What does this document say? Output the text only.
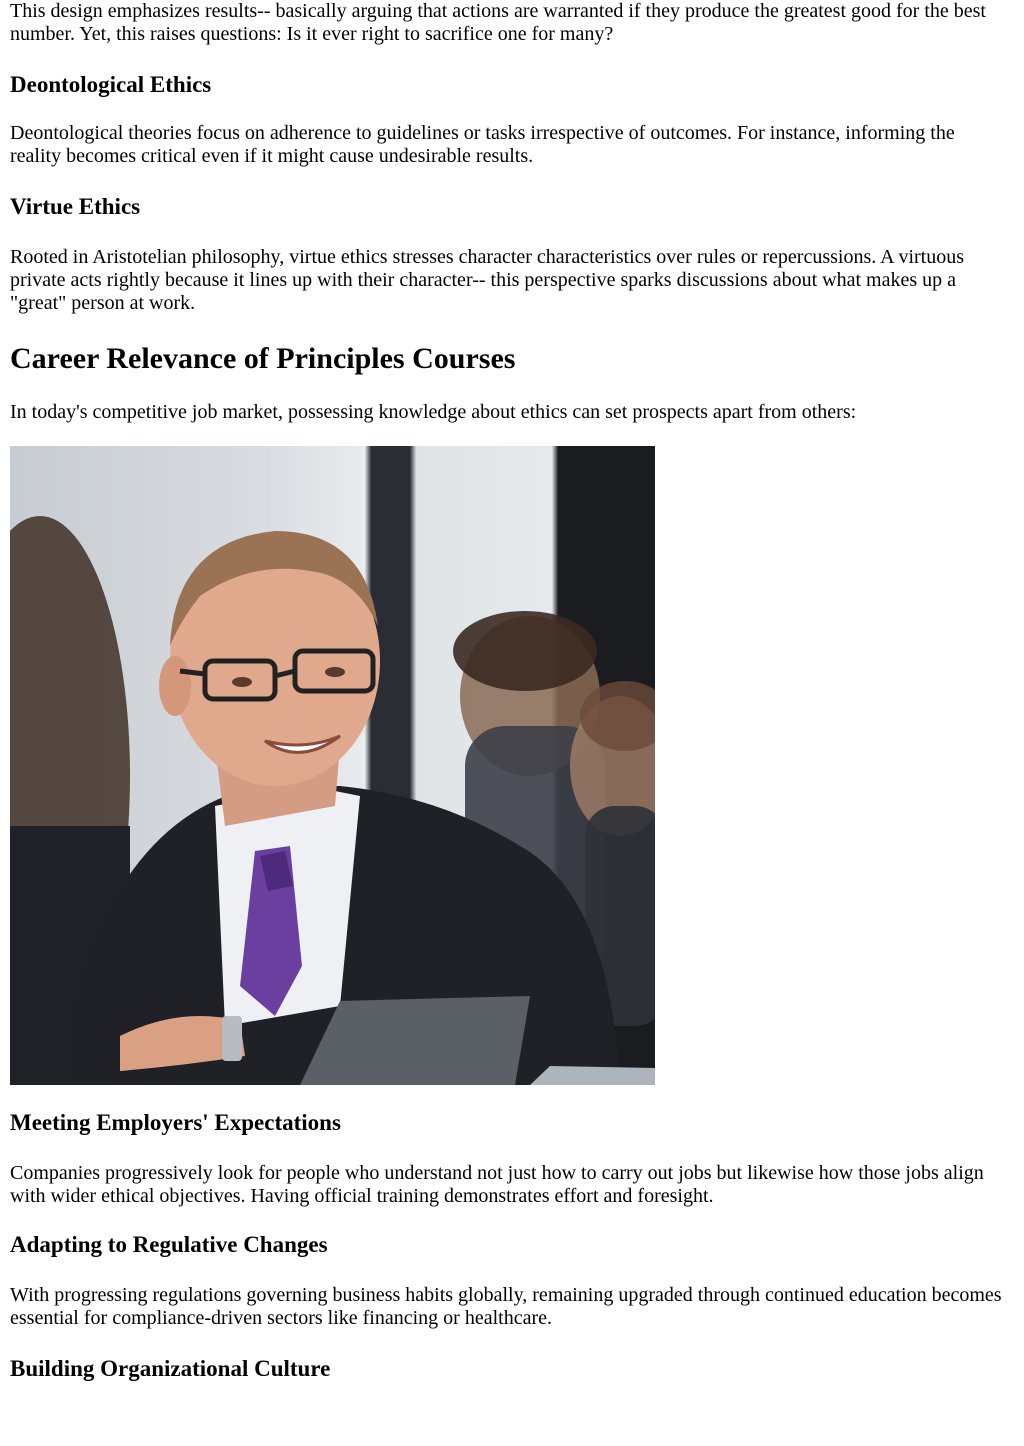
This design emphasizes results-- basically arguing that actions are warranted if they produce the greatest good for the best number. Yet, this raises questions: Is it ever right to sacrifice one for many?

Deontological Ethics

Deontological theories focus on adherence to guidelines or tasks irrespective of outcomes. For instance, informing the reality becomes critical even if it might cause undesirable results.

Virtue Ethics

Rooted in Aristotelian philosophy, virtue ethics stresses character characteristics over rules or repercussions. A virtuous private acts rightly because it lines up with their character-- this perspective sparks discussions about what makes up a "great" person at work.

Career Relevance of Principles Courses

In today's competitive job market, possessing knowledge about ethics can set prospects apart from others:

Meeting Employers' Expectations

Companies progressively look for people who understand not just how to carry out jobs but likewise how those jobs align with wider ethical objectives. Having official training demonstrates effort and foresight.

Adapting to Regulative Changes

With progressing regulations governing business habits globally, remaining upgraded through continued education becomes essential for compliance-driven sectors like financing or healthcare.

Building Organizational Culture
